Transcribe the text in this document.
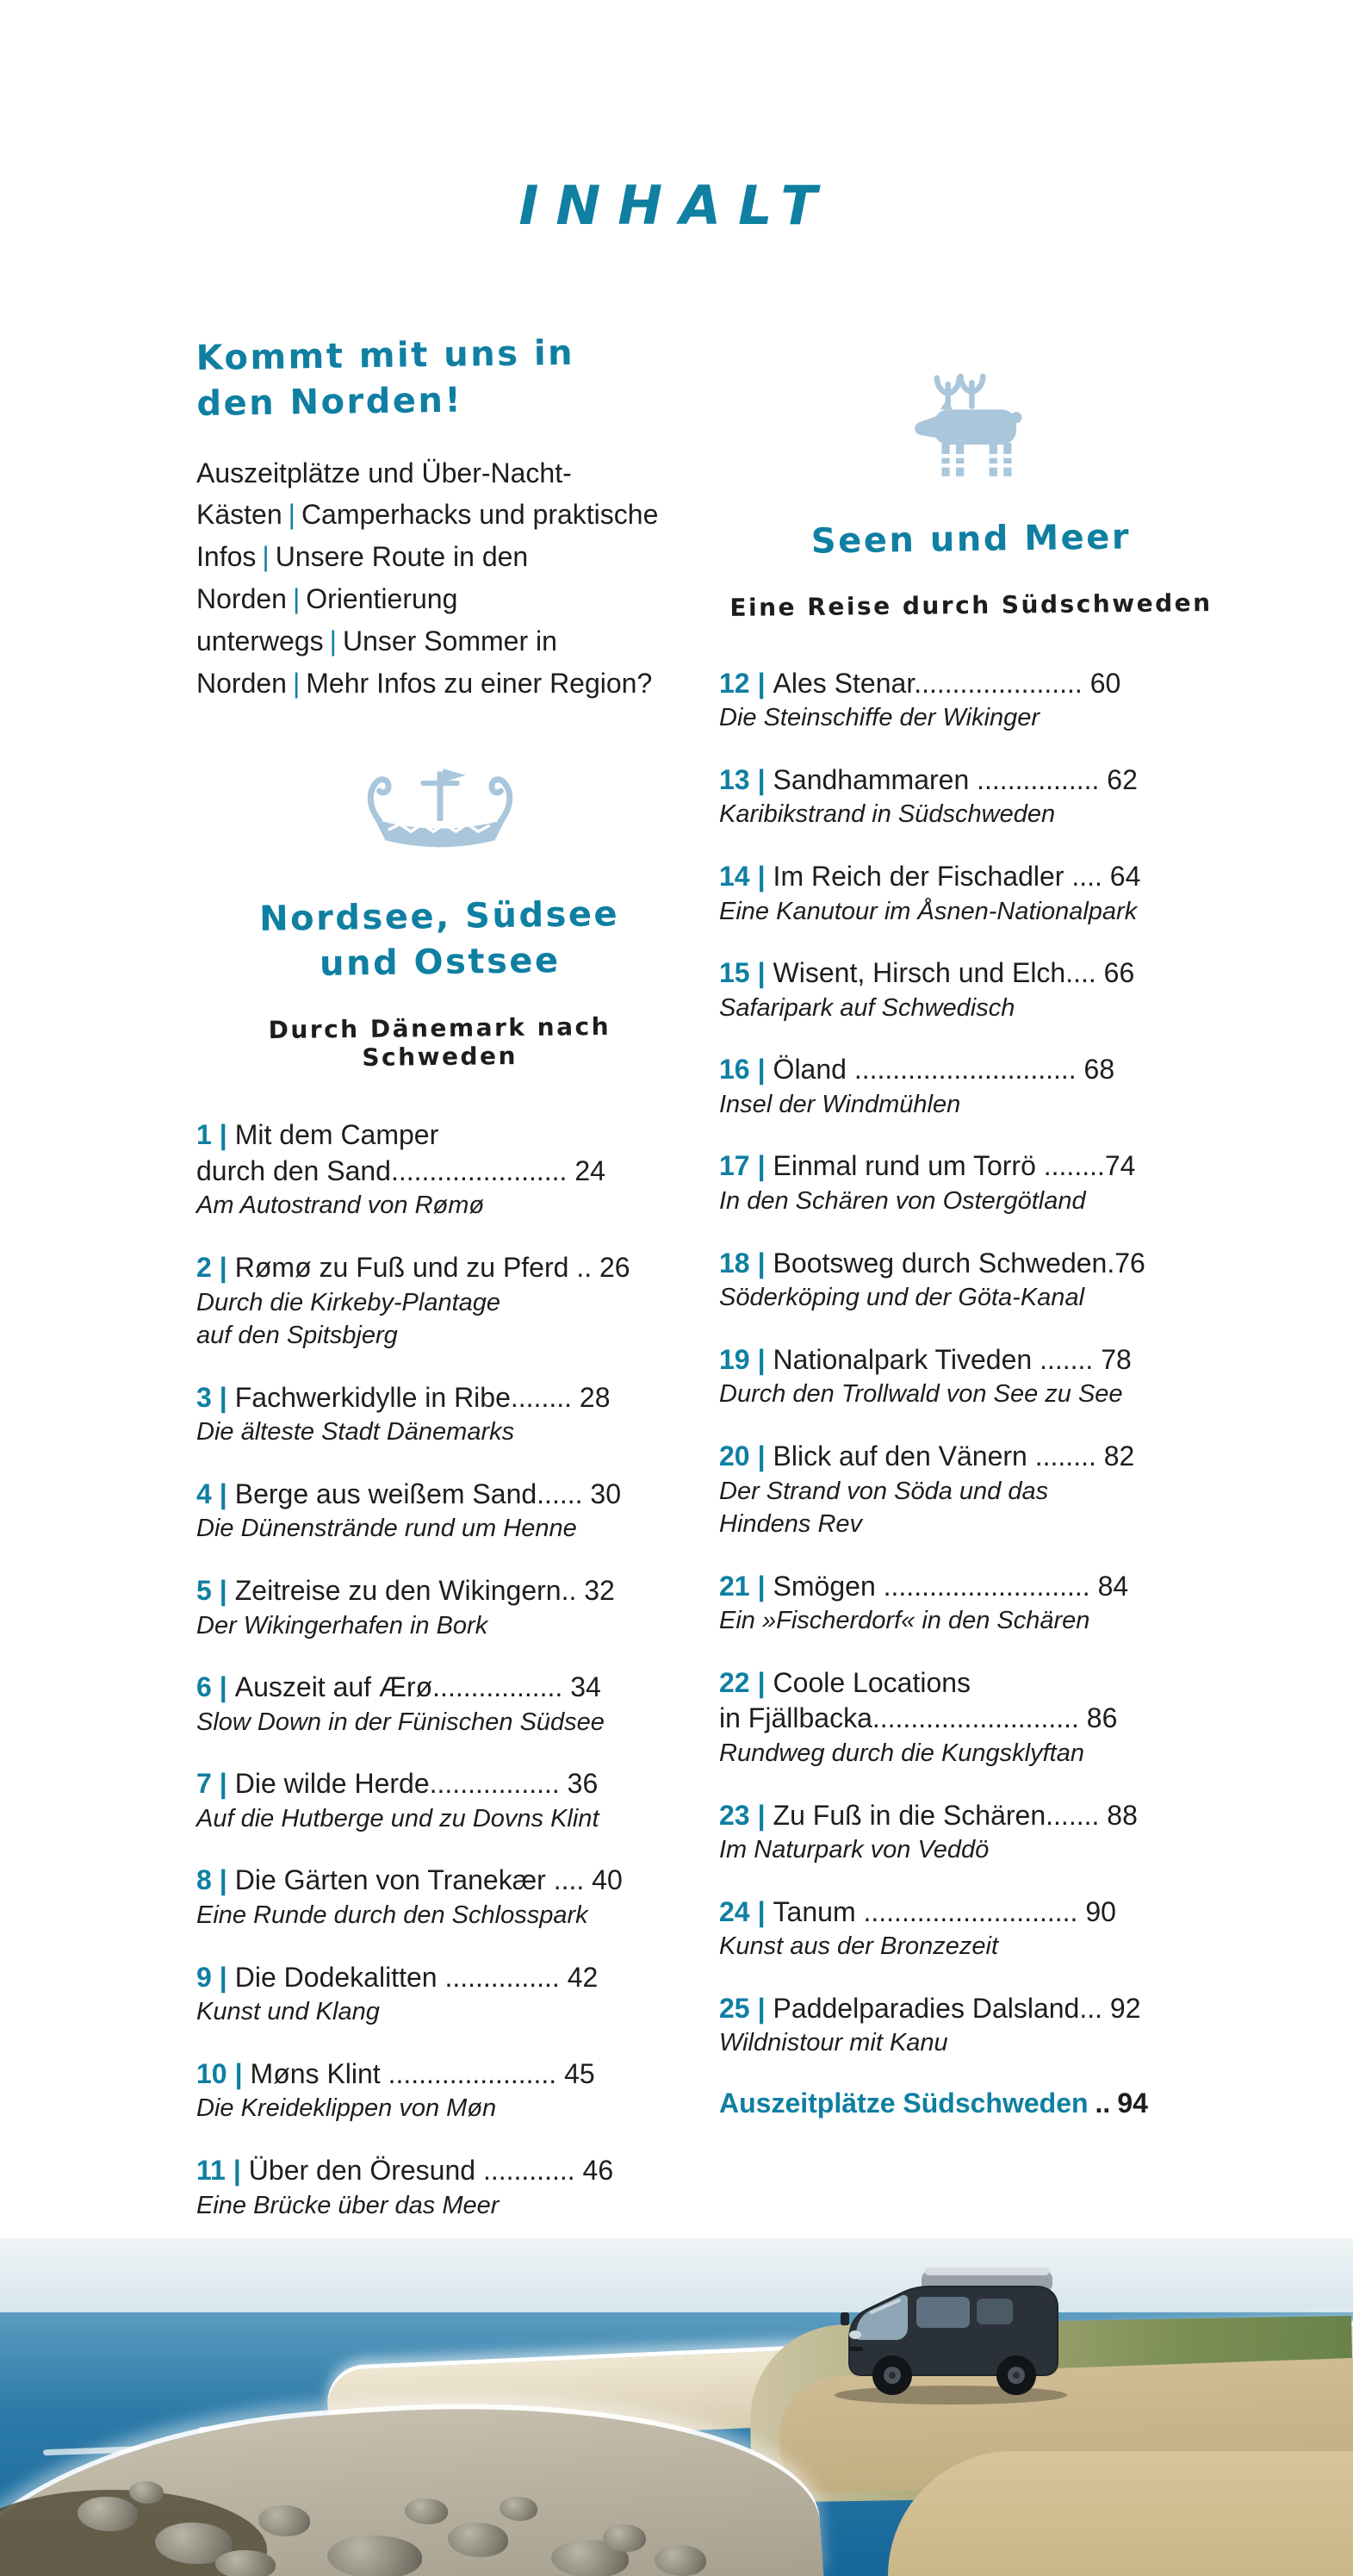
INHALT
Kommt mit uns in
den Norden!

Auszeitplätze und Über-Nacht-Kästen | Camperhacks und praktische Infos | Unsere Route in den Norden | Orientierung unterwegs | Unser Sommer in Norden | Mehr Infos zu einer Region?

Nordsee, Südsee
und Ostsee
Durch Dänemark nach Schweden
1 | Mit dem Camper
durch den Sand....................... 24
Am Autostrand von Rømø
2 | Rømø zu Fuß und zu Pferd .. 26
Durch die Kirkeby-Plantage
auf den Spitsbjerg
3 | Fachwerkidylle in Ribe........ 28
Die älteste Stadt Dänemarks
4 | Berge aus weißem Sand...... 30
Die Dünenstrände rund um Henne
5 | Zeitreise zu den Wikingern.. 32
Der Wikingerhafen in Bork
6 | Auszeit auf Ærø................. 34
Slow Down in der Fünischen Südsee
7 | Die wilde Herde................. 36
Auf die Hutberge und zu Dovns Klint
8 | Die Gärten von Tranekær .... 40
Eine Runde durch den Schlosspark
9 | Die Dodekalitten ............... 42
Kunst und Klang
10 | Møns Klint ...................... 45
Die Kreideklippen von Møn
11 | Über den Öresund ............ 46
Eine Brücke über das Meer
Seen und Meer
Eine Reise durch Südschweden
12 | Ales Stenar...................... 60
Die Steinschiffe der Wikinger
13 | Sandhammaren ................ 62
Karibikstrand in Südschweden
14 | Im Reich der Fischadler .... 64
Eine Kanutour im Åsnen-Nationalpark
15 | Wisent, Hirsch und Elch.... 66
Safaripark auf Schwedisch
16 | Öland ............................. 68
Insel der Windmühlen
17 | Einmal rund um Torrö ........74
In den Schären von Ostergötland
18 | Bootsweg durch Schweden.76
Söderköping und der Göta-Kanal
19 | Nationalpark Tiveden ....... 78
Durch den Trollwald von See zu See
20 | Blick auf den Vänern ........ 82
Der Strand von Söda und das
Hindens Rev
21 | Smögen ........................... 84
Ein »Fischerdorf« in den Schären
22 | Coole Locations
in Fjällbacka........................... 86
Rundweg durch die Kungsklyftan
23 | Zu Fuß in die Schären....... 88
Im Naturpark von Veddö
24 | Tanum ............................ 90
Kunst aus der Bronzezeit
25 | Paddelparadies Dalsland... 92
Wildnistour mit Kanu
Auszeitplätze Südschweden .. 94
